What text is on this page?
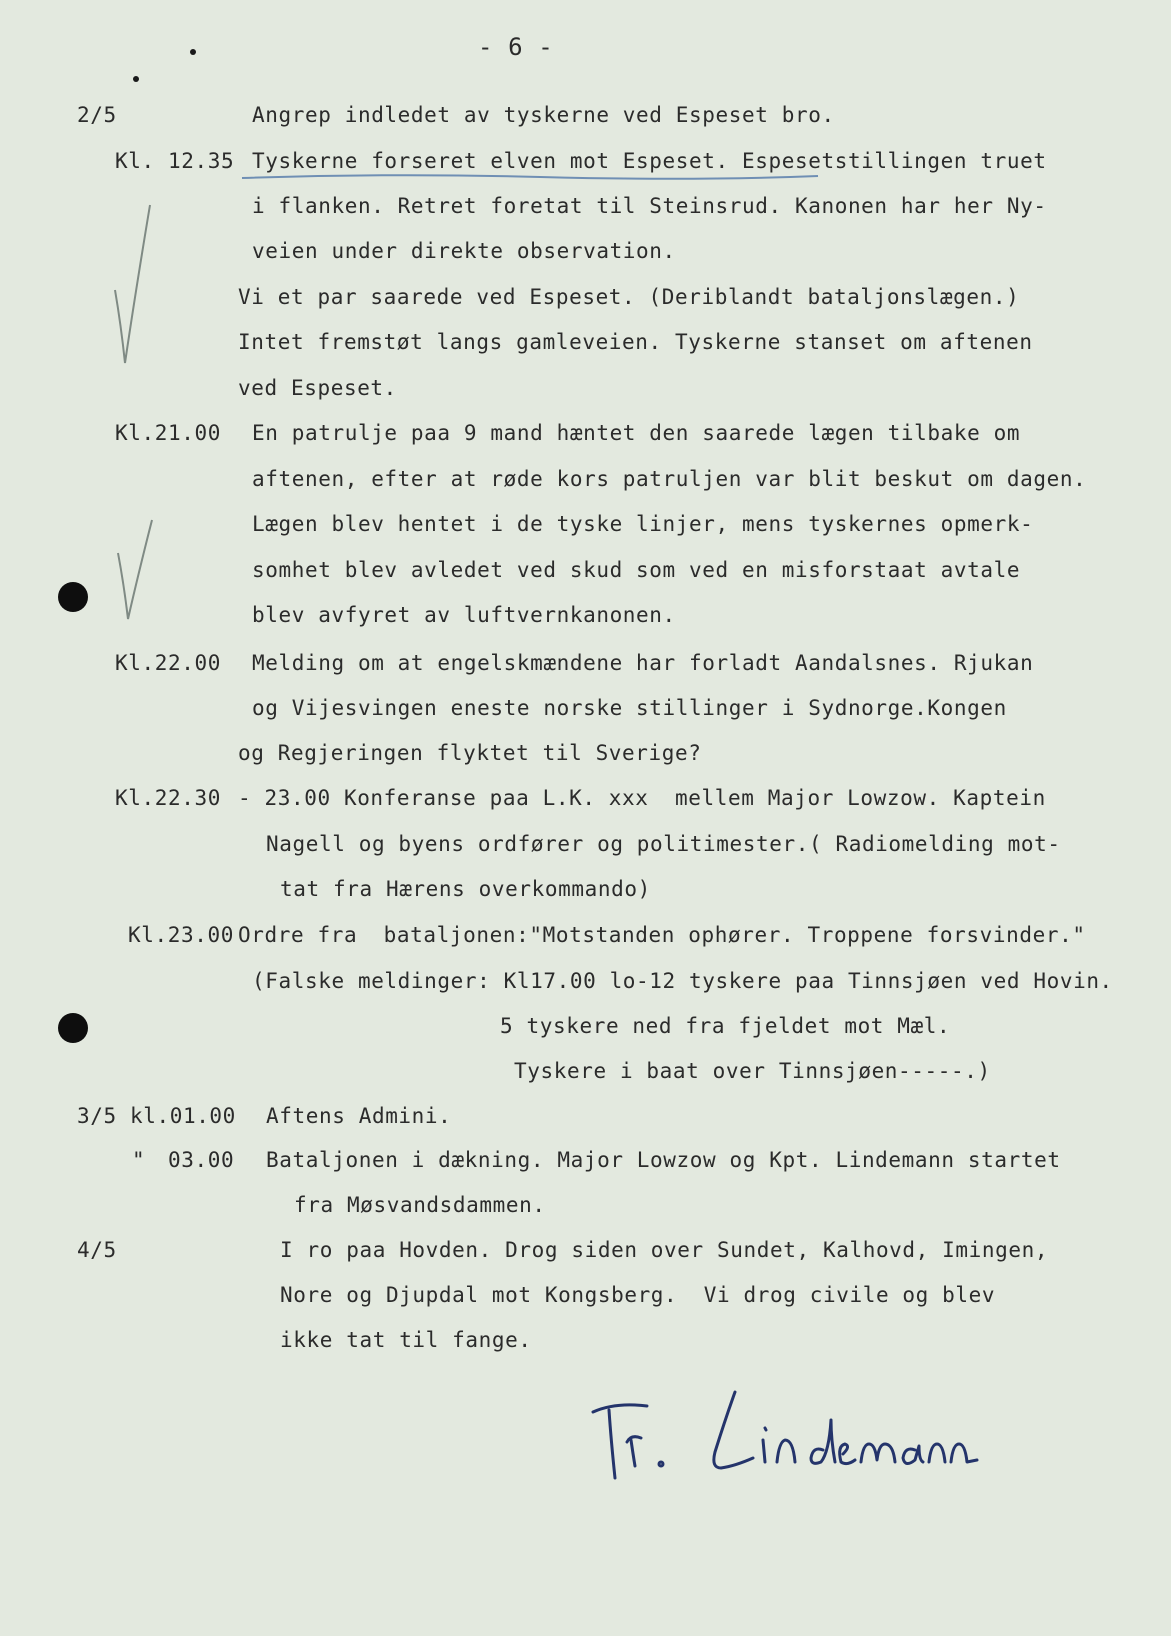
- 6 -
2/5
Kl. 12.35
Kl.21.00
Kl.22.00
Kl.22.30
Kl.23.00
3/5 kl.01.00
" 03.00
4/5
Angrep indledet av tyskerne ved Espeset bro.
Tyskerne forseret elven mot Espeset. Espesetstillingen truet
i flanken. Retret foretat til Steinsrud. Kanonen har her Ny-
veien under direkte observation.
Vi et par saarede ved Espeset. (Deriblandt bataljonslægen.)
Intet fremstøt langs gamleveien. Tyskerne stanset om aftenen
ved Espeset.
En patrulje paa 9 mand hæntet den saarede lægen tilbake om
aftenen, efter at røde kors patruljen var blit beskut om dagen.
Lægen blev hentet i de tyske linjer, mens tyskernes opmerk-
somhet blev avledet ved skud som ved en misforstaat avtale
blev avfyret av luftvernkanonen.
Melding om at engelskmændene har forladt Aandalsnes. Rjukan
og Vijesvingen eneste norske stillinger i Sydnorge.Kongen
og Regjeringen flyktet til Sverige?
- 23.00 Konferanse paa L.K. xxx  mellem Major Lowzow. Kaptein
Nagell og byens ordfører og politimester.( Radiomelding mot-
tat fra Hærens overkommando)
Ordre fra  bataljonen:"Motstanden ophører. Troppene forsvinder."
(Falske meldinger: Kl17.00 lo-12 tyskere paa Tinnsjøen ved Hovin.
5 tyskere ned fra fjeldet mot Mæl.
Tyskere i baat over Tinnsjøen-----.)
Aftens Admini.
Bataljonen i dækning. Major Lowzow og Kpt. Lindemann startet
fra Møsvandsdammen.
I ro paa Hovden. Drog siden over Sundet, Kalhovd, Imingen,
Nore og Djupdal mot Kongsberg.  Vi drog civile og blev
ikke tat til fange.
